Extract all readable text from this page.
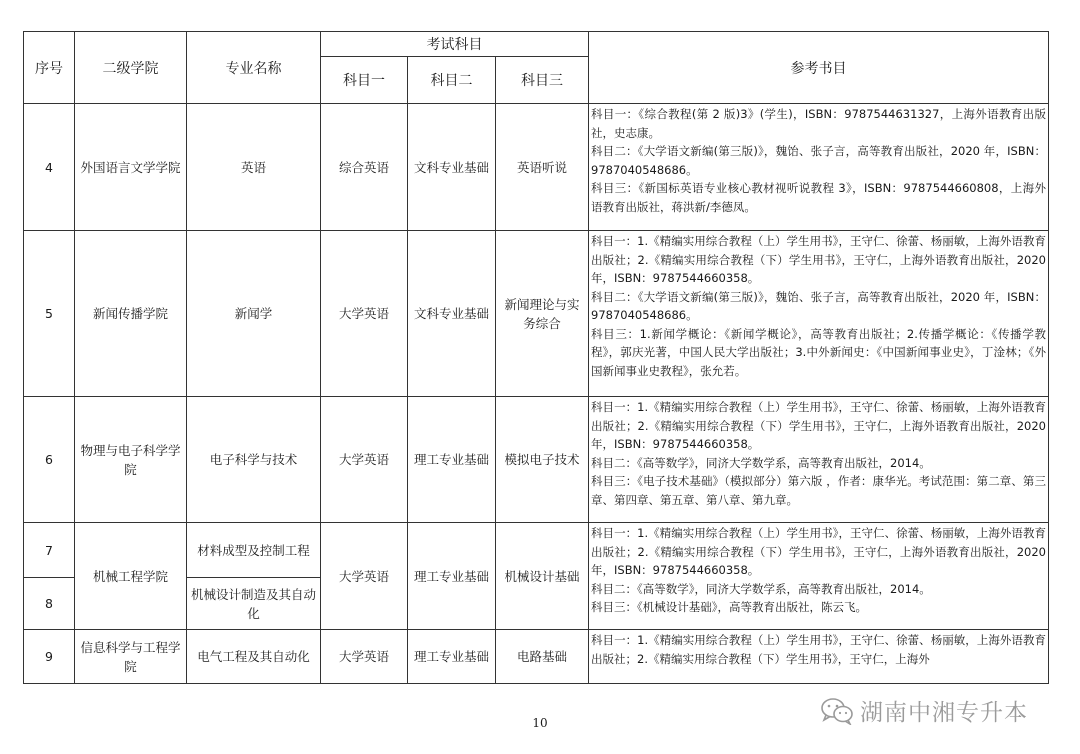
序号	二级学院	专业名称	考试科目			参考书目
			科目一	科目二	科目三	
4	外国语言文学学院	英语	综合英语	文科专业基础	英语听说	科目一：《综合教程(第 2 版)3》(学生)，ISBN：9787544631327，上海外语教育出版社，史志康。
科目二：《大学语文新编(第三版)》，魏饴、张子言，高等教育出版社，2020 年，ISBN：9787040548686。
科目三：《新国标英语专业核心教材视听说教程 3》，ISBN：9787544660808，上海外语教育出版社，蒋洪新/李德凤。

5	新闻传播学院	新闻学	大学英语	文科专业基础	新闻理论与实务综合	科目一：1.《精编实用综合教程（上）学生用书》，王守仁、徐蕾、杨丽敏，上海外语教育出版社；2.《精编实用综合教程（下）学生用书》，王守仁，上海外语教育出版社，2020 年，ISBN：9787544660358。
科目二：《大学语文新编(第三版)》，魏饴、张子言，高等教育出版社，2020 年，ISBN：9787040548686。
科目三：1.新闻学概论：《新闻学概论》，高等教育出版社；2.传播学概论：《传播学教程》，郭庆光著，中国人民大学出版社；3.中外新闻史：《中国新闻事业史》，丁淦林；《外国新闻事业史教程》，张允若。

6	物理与电子科学学院	电子科学与技术	大学英语	理工专业基础	模拟电子技术	科目一：1.《精编实用综合教程（上）学生用书》，王守仁、徐蕾、杨丽敏，上海外语教育出版社；2.《精编实用综合教程（下）学生用书》，王守仁，上海外语教育出版社，2020 年，ISBN：9787544660358。
科目二：《高等数学》，同济大学数学系，高等教育出版社，2014。
科目三：《电子技术基础》（模拟部分）第六版 ，作者：康华光。考试范围：第二章、第三章、第四章、第五章、第八章、第九章。

7	机械工程学院	材料成型及控制工程	大学英语	理工专业基础	机械设计基础	科目一：1.《精编实用综合教程（上）学生用书》，王守仁、徐蕾、杨丽敏，上海外语教育出版社；2.《精编实用综合教程（下）学生用书》，王守仁，上海外语教育出版社，2020 年，ISBN：9787544660358。
科目二：《高等数学》，同济大学数学系，高等教育出版社，2014。
科目三：《机械设计基础》，高等教育出版社，陈云飞。

8		机械设计制造及其自动化				
9	信息科学与工程学院	电气工程及其自动化	大学英语	理工专业基础	电路基础	科目一：1.《精编实用综合教程（上）学生用书》，王守仁、徐蕾、杨丽敏，上海外语教育出版社；2.《精编实用综合教程（下）学生用书》，王守仁，上海外
湖南中湘专升本
10
